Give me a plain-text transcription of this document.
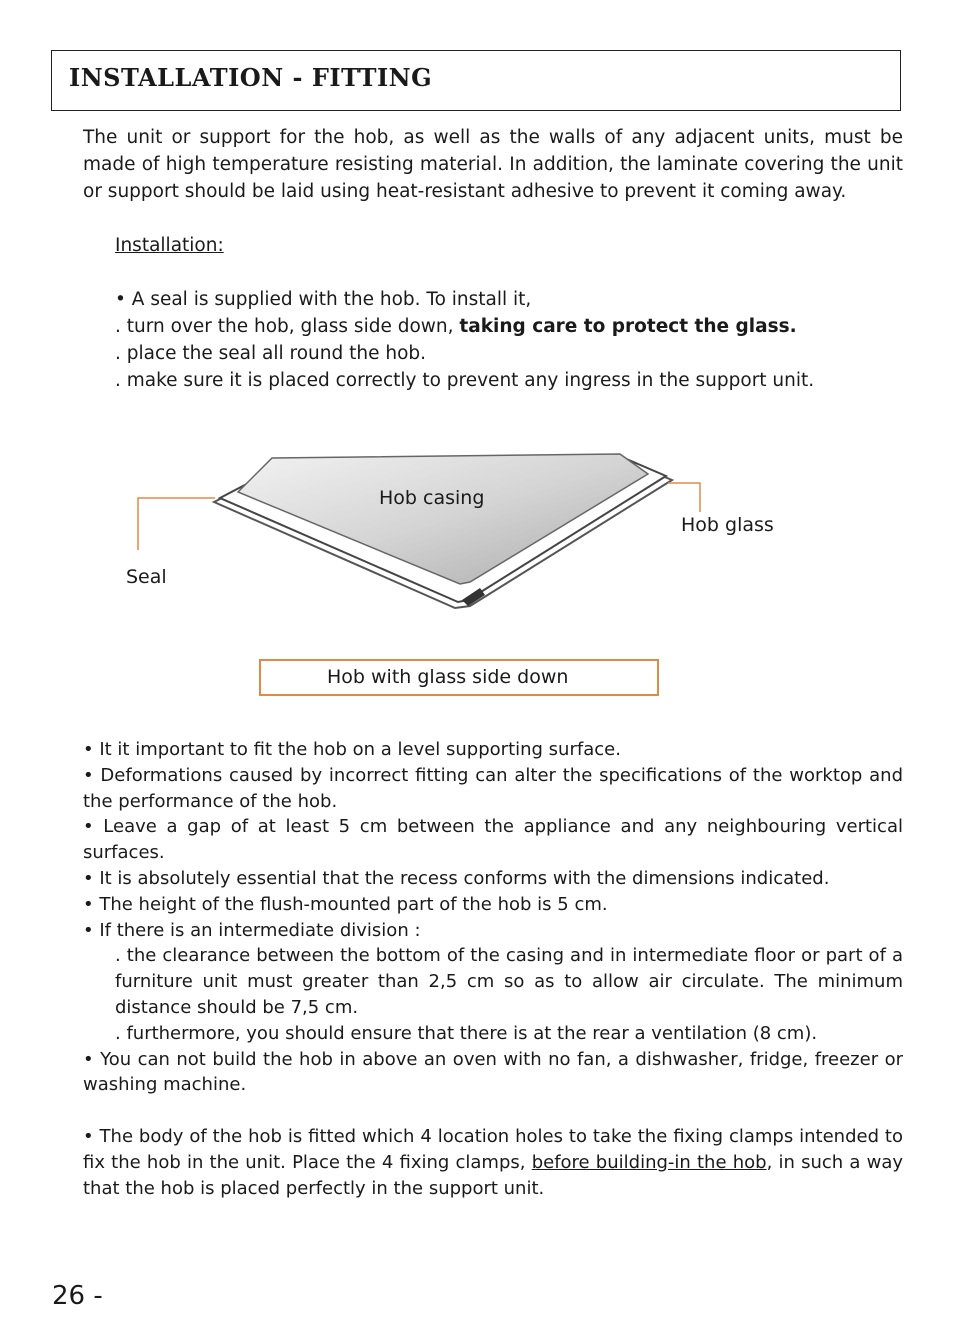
INSTALLATION - FITTING
The unit or support for the hob, as well as the walls of any adjacent units, must be made of high temperature resisting material. In addition, the laminate covering the unit or support should be laid using heat-resistant adhesive to prevent it coming away.
Installation:
• A seal is supplied with the hob. To install it,
. turn over the hob, glass side down, taking care to protect the glass.
. place the seal all round the hob.
. make sure it is placed correctly to prevent any ingress in the support unit.
Hob casing
Hob glass
Seal
Hob with glass side down
• It it important to fit the hob on a level supporting surface.
• Deformations caused by incorrect fitting can alter the specifications of the worktop and the performance of the hob.
• Leave a gap of at least 5 cm between the appliance and any neighbouring vertical surfaces.
• It is absolutely essential that the recess conforms with the dimensions indicated.
• The height of the flush-mounted part of the hob is 5 cm.
• If there is an intermediate division :
. the clearance between the bottom of the casing and in intermediate floor or part of a furniture unit must greater than 2,5 cm so as to allow air circulate. The minimum distance should be 7,5 cm.
. furthermore, you should ensure that there is at the rear a ventilation (8 cm).
• You can not build the hob in above an oven with no fan, a dishwasher, fridge, freezer or washing machine.
• The body of the hob is fitted which 4 location holes to take the fixing clamps intended to fix the hob in the unit. Place the 4 fixing clamps, before building-in the hob, in such a way that the hob is placed perfectly in the support unit.
26 -
